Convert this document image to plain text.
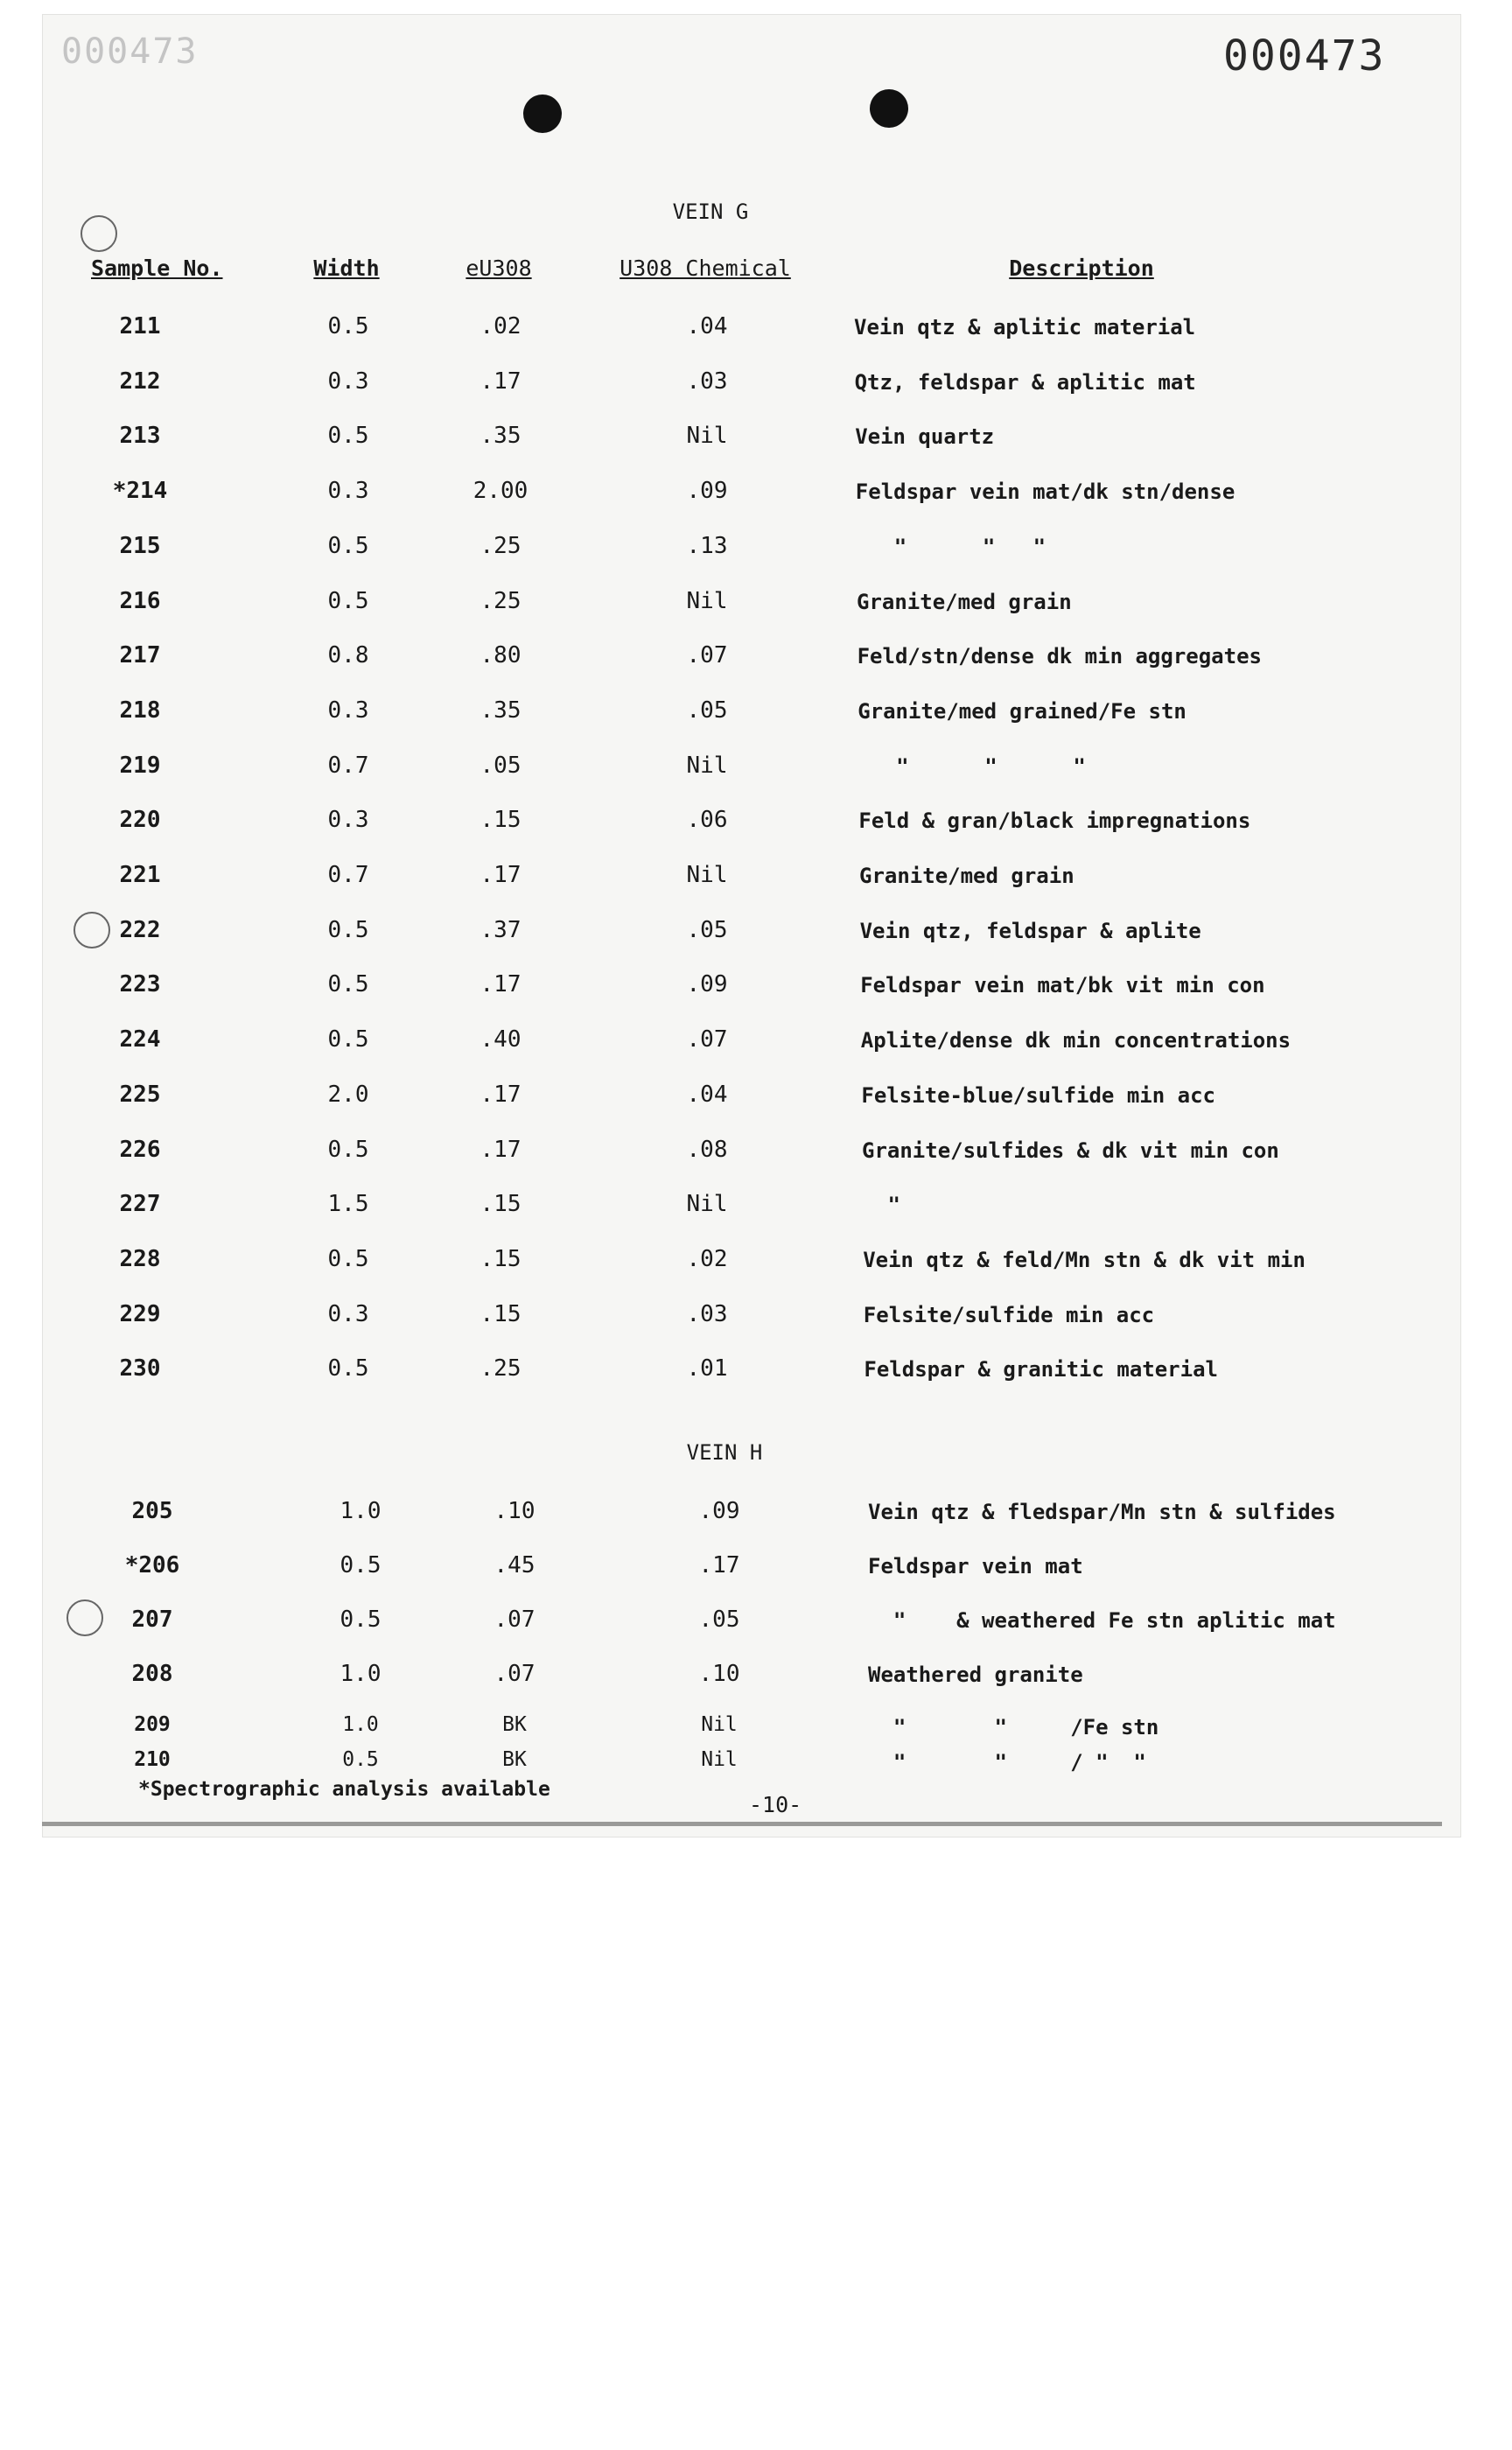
000473	000473
VEIN G
Sample No.	Width	eU308	U308 Chemical	Description
211	0.5	.02	.04	Vein qtz & aplitic material
212	0.3	.17	.03	Qtz, feldspar & aplitic mat
213	0.5	.35	Nil	Vein quartz
*214	0.3	2.00	.09	Feldspar vein mat/dk stn/dense
215	0.5	.25	.13	"      "   "
216	0.5	.25	Nil	Granite/med grain
217	0.8	.80	.07	Feld/stn/dense dk min aggregates
218	0.3	.35	.05	Granite/med grained/Fe stn
219	0.7	.05	Nil	"      "      "
220	0.3	.15	.06	Feld & gran/black impregnations
221	0.7	.17	Nil	Granite/med grain
222	0.5	.37	.05	Vein qtz, feldspar & aplite
223	0.5	.17	.09	Feldspar vein mat/bk vit min con
224	0.5	.40	.07	Aplite/dense dk min concentrations
225	2.0	.17	.04	Felsite-blue/sulfide min acc
226	0.5	.17	.08	Granite/sulfides & dk vit min con
227	1.5	.15	Nil	"
228	0.5	.15	.02	Vein qtz & feld/Mn stn & dk vit min
229	0.3	.15	.03	Felsite/sulfide min acc
230	0.5	.25	.01	Feldspar & granitic material
VEIN H
205	1.0	.10	.09	Vein qtz & fledspar/Mn stn & sulfides
*206	0.5	.45	.17	Feldspar vein mat
207	0.5	.07	.05	"    & weathered Fe stn aplitic mat
208	1.0	.07	.10	Weathered granite
209	1.0	BK	Nil	"       "     /Fe stn
210	0.5	BK	Nil	"       "     / "  "
*Spectrographic analysis available
-10-
